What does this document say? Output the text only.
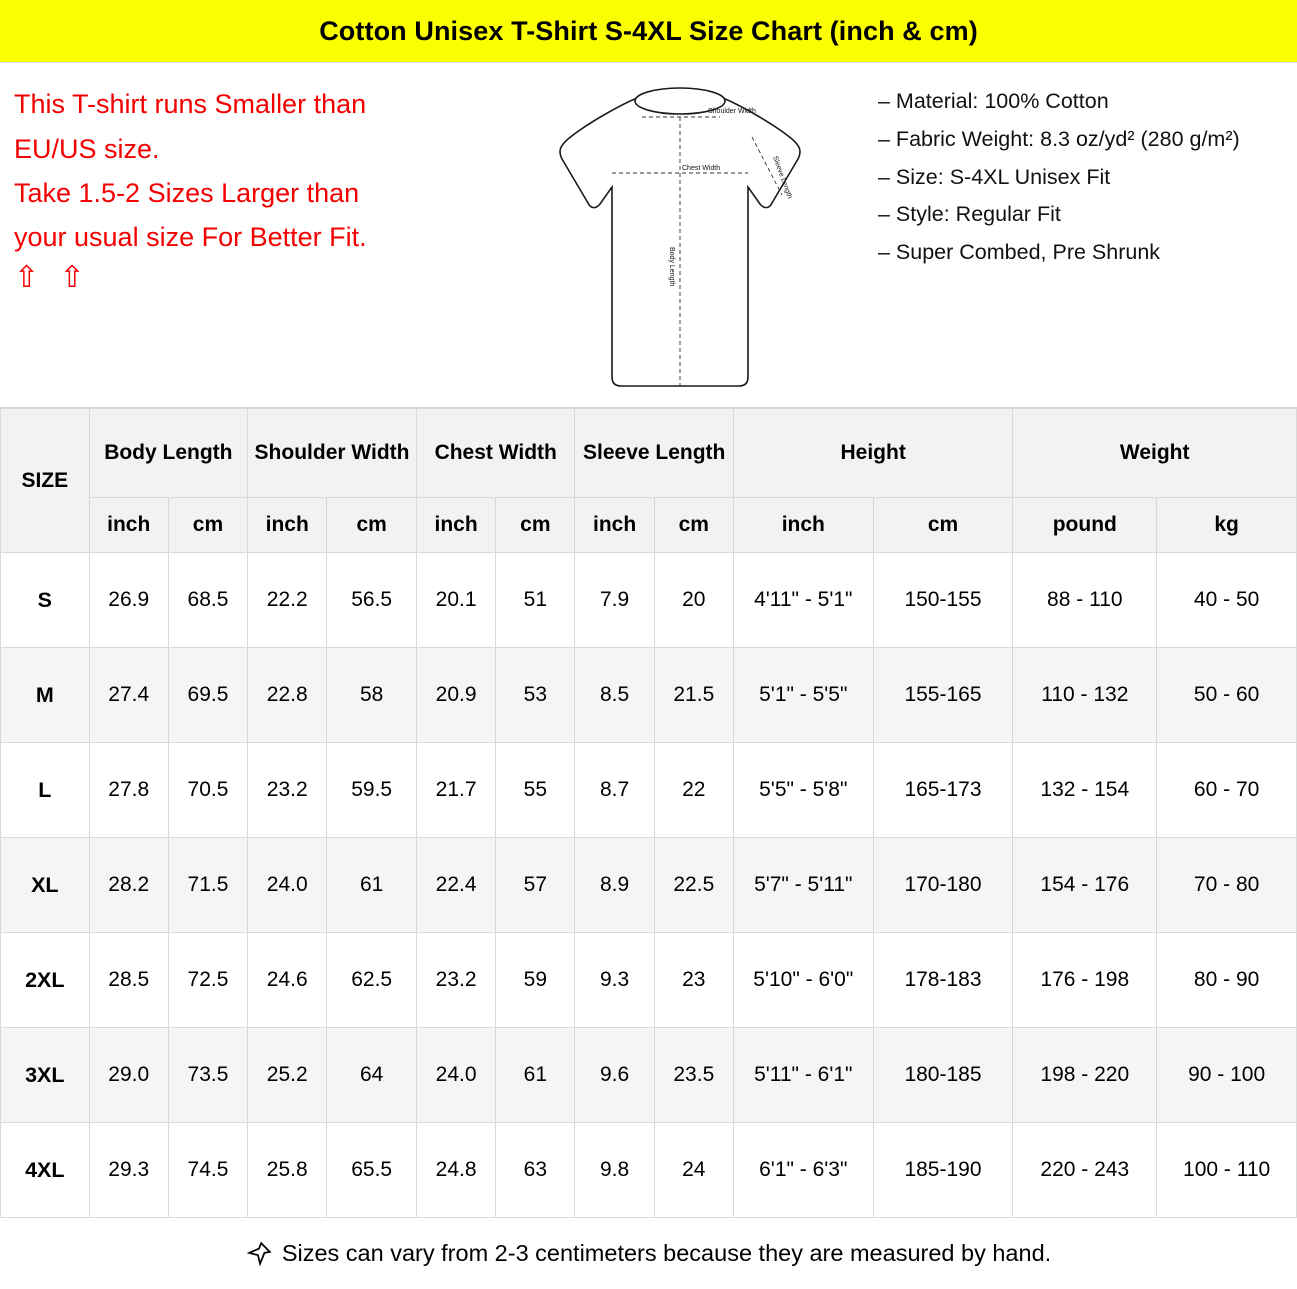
Cotton Unisex T-Shirt S-4XL Size Chart (inch & cm)

This T-shirt runs Smaller than

EU/US size.

Take 1.5-2 Sizes Larger than

your usual size For Better Fit.

⇧ ⇧
Shoulder Width
Chest Width
Body Length
Sleeve Length
– Material: 100% Cotton
– Fabric Weight: 8.3 oz/yd² (280 g/m²)
– Size: S-4XL Unisex Fit
– Style: Regular Fit
– Super Combed, Pre Shrunk
SIZE	Body Length		Shoulder Width		Chest Width		Sleeve Length		Height		Weight	
	inch	cm	inch	cm	inch	cm	inch	cm	inch	cm	pound	kg
S	26.9	68.5	22.2	56.5	20.1	51	7.9	20	4'11" - 5'1"	150-155	88 - 110	40 - 50
M	27.4	69.5	22.8	58	20.9	53	8.5	21.5	5'1" - 5'5"	155-165	110 - 132	50 - 60
L	27.8	70.5	23.2	59.5	21.7	55	8.7	22	5'5" - 5'8"	165-173	132 - 154	60 - 70
XL	28.2	71.5	24.0	61	22.4	57	8.9	22.5	5'7" - 5'11"	170-180	154 - 176	70 - 80
2XL	28.5	72.5	24.6	62.5	23.2	59	9.3	23	5'10" - 6'0"	178-183	176 - 198	80 - 90
3XL	29.0	73.5	25.2	64	24.0	61	9.6	23.5	5'11" - 6'1"	180-185	198 - 220	90 - 100
4XL	29.3	74.5	25.8	65.5	24.8	63	9.8	24	6'1" - 6'3"	185-190	220 - 243	100 - 110
Sizes can vary from 2-3 centimeters because they are measured by hand.
